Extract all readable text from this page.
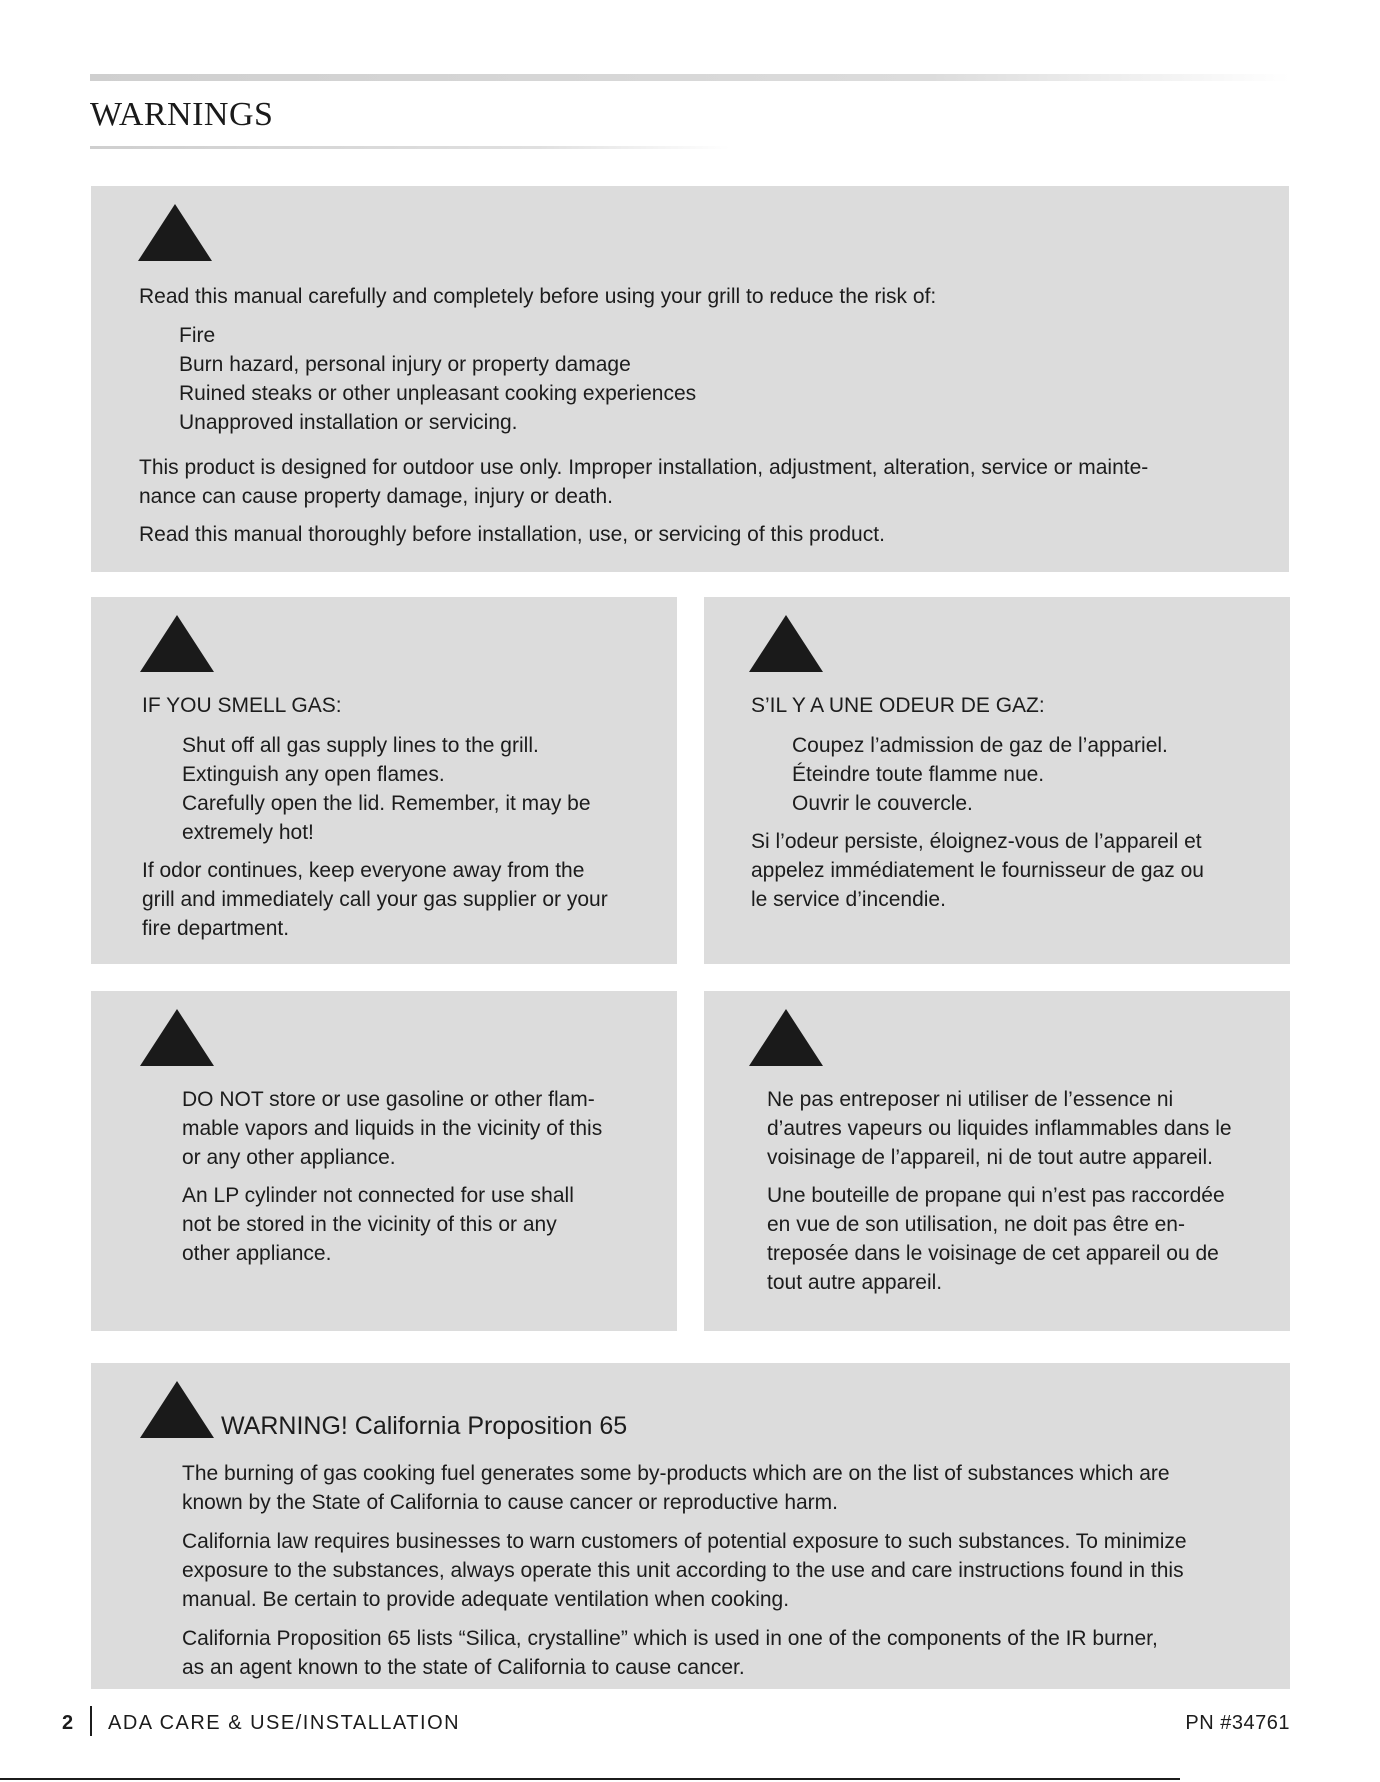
WARNINGS

Read this manual carefully and completely before using your grill to reduce the risk of:

Fire

Burn hazard, personal injury or property damage

Ruined steaks or other unpleasant cooking experiences

Unapproved installation or servicing.

This product is designed for outdoor use only. Improper installation, adjustment, alteration, service or mainte-

nance can cause property damage, injury or death.

Read this manual thoroughly before installation, use, or servicing of this product.

IF YOU SMELL GAS:

Shut off all gas supply lines to the grill.

Extinguish any open flames.

Carefully open the lid. Remember, it may be

extremely hot!

If odor continues, keep everyone away from the

grill and immediately call your gas supplier or your

fire department.

S’IL Y A UNE ODEUR DE GAZ:

Coupez l’admission de gaz de l’appariel.

Éteindre toute flamme nue.

Ouvrir le couvercle.

Si l’odeur persiste, éloignez-vous de l’appareil et

appelez immédiatement le fournisseur de gaz ou

le service d’incendie.

DO NOT store or use gasoline or other flam-

mable vapors and liquids in the vicinity of this

or any other appliance.

An LP cylinder not connected for use shall

not be stored in the vicinity of this or any

other appliance.

Ne pas entreposer ni utiliser de l’essence ni

d’autres vapeurs ou liquides inflammables dans le

voisinage de l’appareil, ni de tout autre appareil.

Une bouteille de propane qui n’est pas raccordée

en vue de son utilisation, ne doit pas être en-

treposée dans le voisinage de cet appareil ou de

tout autre appareil.

WARNING! California Proposition 65

The burning of gas cooking fuel generates some by-products which are on the list of substances which are

known by the State of California to cause cancer or reproductive harm.

California law requires businesses to warn customers of potential exposure to such substances. To minimize

exposure to the substances, always operate this unit according to the use and care instructions found in this

manual. Be certain to provide adequate ventilation when cooking.

California Proposition 65 lists “Silica, crystalline” which is used in one of the components of the IR burner,

as an agent known to the state of California to cause cancer.

2 ADA CARE & USE/INSTALLATION	PN #34761
